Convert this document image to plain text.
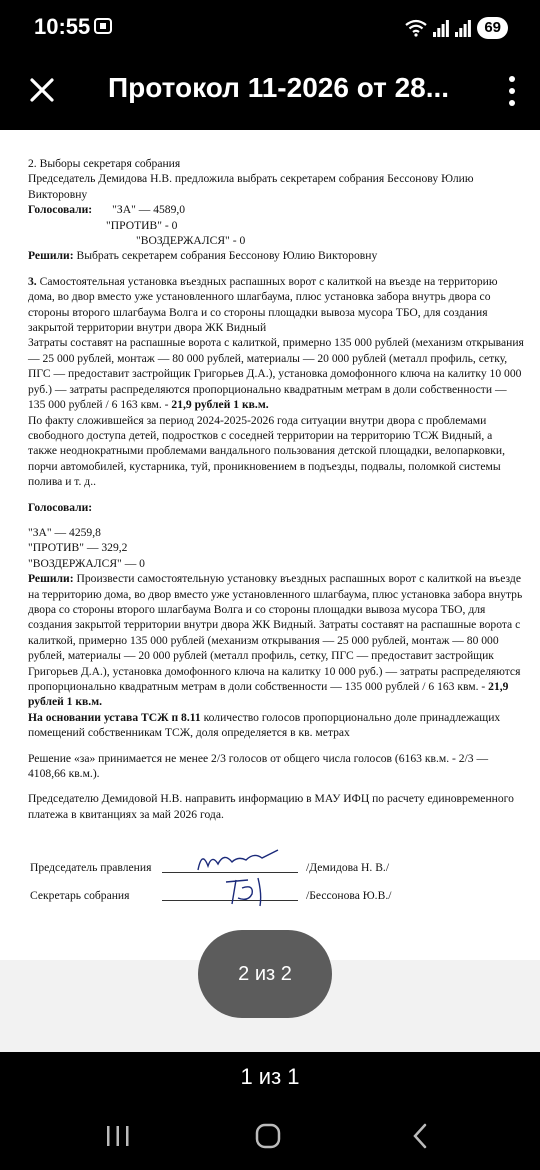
10:55	69
Протокол 11-2026 от 28...

2. Выборы секретаря собрания

Председатель Демидова Н.В. предложила выбрать секретарем собрания Бессонову Юлию Викторовну

Голосовали: "ЗА" — 4589,0

"ПРОТИВ" - 0

"ВОЗДЕРЖАЛСЯ" - 0

Решили: Выбрать секретарем собрания Бессонову Юлию Викторовну

3. Самостоятельная установка въездных распашных ворот с калиткой на въезде на территорию дома, во двор вместо уже установленного шлагбаума, плюс установка забора внутрь двора со стороны второго шлагбаума Волга и со стороны площадки вывоза мусора ТБО, для создания закрытой территории внутри двора ЖК Видный

Затраты составят на распашные ворота с калиткой, примерно 135 000 рублей (механизм открывания — 25 000 рублей, монтаж — 80 000 рублей, материалы — 20 000 рублей (металл профиль, сетку, ПГС — предоставит застройщик Григорьев Д.А.), установка домофонного ключа на калитку 10 000 руб.) — затраты распределяются пропорционально квадратным метрам в доли собственности — 135 000 рублей / 6 163 квм. - 21,9 рублей 1 кв.м.

По факту сложившейся за период 2024-2025-2026 года ситуации внутри двора с проблемами свободного доступа детей, подростков с соседней территории на территорию ТСЖ Видный, а также неоднократными проблемами вандального пользования детской площадки, велопарковки, порчи автомобилей, кустарника, туй, проникновением в подъезды, подвалы, поломкой системы полива и т. д..

Голосовали:

"ЗА" — 4259,8

"ПРОТИВ" — 329,2

"ВОЗДЕРЖАЛСЯ" — 0

Решили: Произвести самостоятельную установку въездных распашных ворот с калиткой на въезде на территорию дома, во двор вместо уже установленного шлагбаума, плюс установка забора внутрь двора со стороны второго шлагбаума Волга и со стороны площадки вывоза мусора ТБО, для создания закрытой территории внутри двора ЖК Видный. Затраты составят на распашные ворота с калиткой, примерно 135 000 рублей (механизм открывания — 25 000 рублей, монтаж — 80 000 рублей, материалы — 20 000 рублей (металл профиль, сетку, ПГС — предоставит застройщик Григорьев Д.А.), установка домофонного ключа на калитку 10 000 руб.) — затраты распределяются пропорционально квадратным метрам в доли собственности — 135 000 рублей / 6 163 квм. - 21,9 рублей 1 кв.м.

На основании устава ТСЖ п 8.11 количество голосов пропорционально доле принадлежащих помещений собственникам ТСЖ, доля определяется в кв. метрах

Решение «за» принимается не менее 2/3 голосов от общего числа голосов (6163 кв.м. - 2/3 — 4108,66 кв.м.).

Председателю Демидовой Н.В. направить информацию в МАУ ИФЦ по расчету единовременного платежа в квитанциях за май 2026 года.

Председатель правления	/Демидова Н. В./
Секретарь собрания	/Бессонова Ю.В./
2 из 2
1 из 1
